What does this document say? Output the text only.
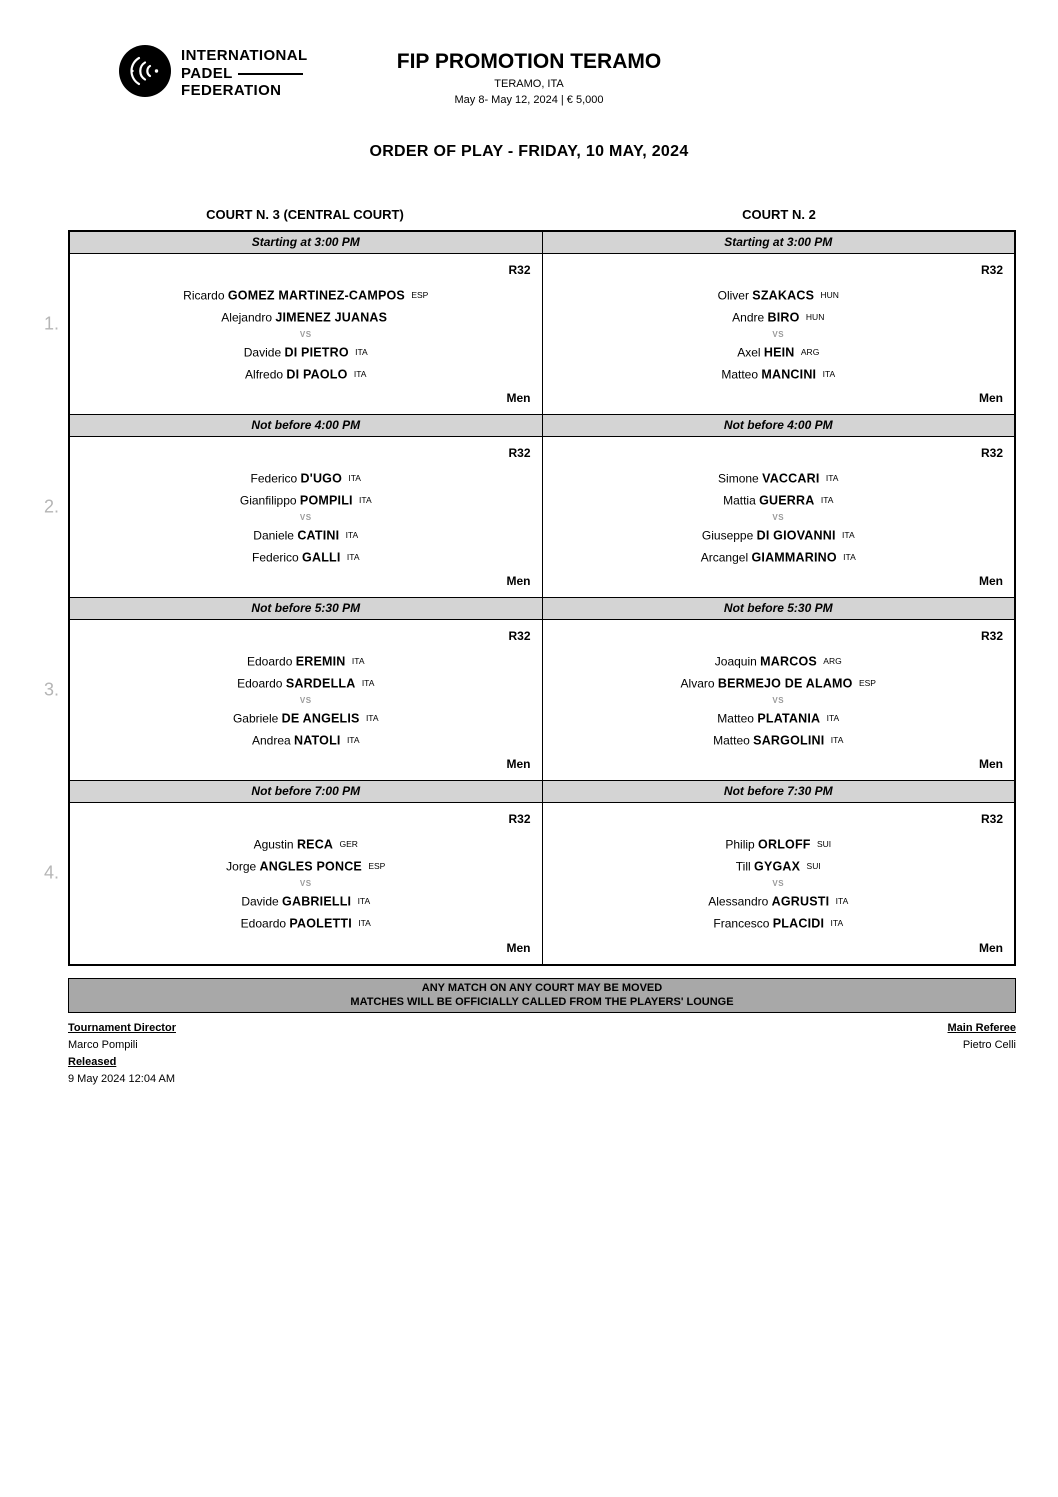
INTERNATIONAL
PADEL
FEDERATION
FIP PROMOTION TERAMO
TERAMO, ITA
May 8- May 12, 2024 | € 5,000
ORDER OF PLAY - FRIDAY, 10 MAY, 2024
COURT N. 3 (CENTRAL COURT)	COURT N. 2
1.
Starting at 3:00 PM	Starting at 3:00 PM
R32
Ricardo GOMEZ MARTINEZ-CAMPOS ESP
Alejandro JIMENEZ JUANAS
VS
Davide DI PIETRO ITA
Alfredo DI PAOLO ITA
Men
R32
Oliver SZAKACS HUN
Andre BIRO HUN
VS
Axel HEIN ARG
Matteo MANCINI ITA
Men
2.
Not before 4:00 PM	Not before 4:00 PM
R32
Federico D'UGO ITA
Gianfilippo POMPILI ITA
VS
Daniele CATINI ITA
Federico GALLI ITA
Men
R32
Simone VACCARI ITA
Mattia GUERRA ITA
VS
Giuseppe DI GIOVANNI ITA
Arcangel GIAMMARINO ITA
Men
3.
Not before 5:30 PM	Not before 5:30 PM
R32
Edoardo EREMIN ITA
Edoardo SARDELLA ITA
VS
Gabriele DE ANGELIS ITA
Andrea NATOLI ITA
Men
R32
Joaquin MARCOS ARG
Alvaro BERMEJO DE ALAMO ESP
VS
Matteo PLATANIA ITA
Matteo SARGOLINI ITA
Men
4.
Not before 7:00 PM	Not before 7:30 PM
R32
Agustin RECA GER
Jorge ANGLES PONCE ESP
VS
Davide GABRIELLI ITA
Edoardo PAOLETTI ITA
Men
R32
Philip ORLOFF SUI
Till GYGAX SUI
VS
Alessandro AGRUSTI ITA
Francesco PLACIDI ITA
Men
ANY MATCH ON ANY COURT MAY BE MOVED
MATCHES WILL BE OFFICIALLY CALLED FROM THE PLAYERS' LOUNGE
Tournament Director
Marco Pompili
Released
9 May 2024 12:04 AM
Main Referee
Pietro Celli
